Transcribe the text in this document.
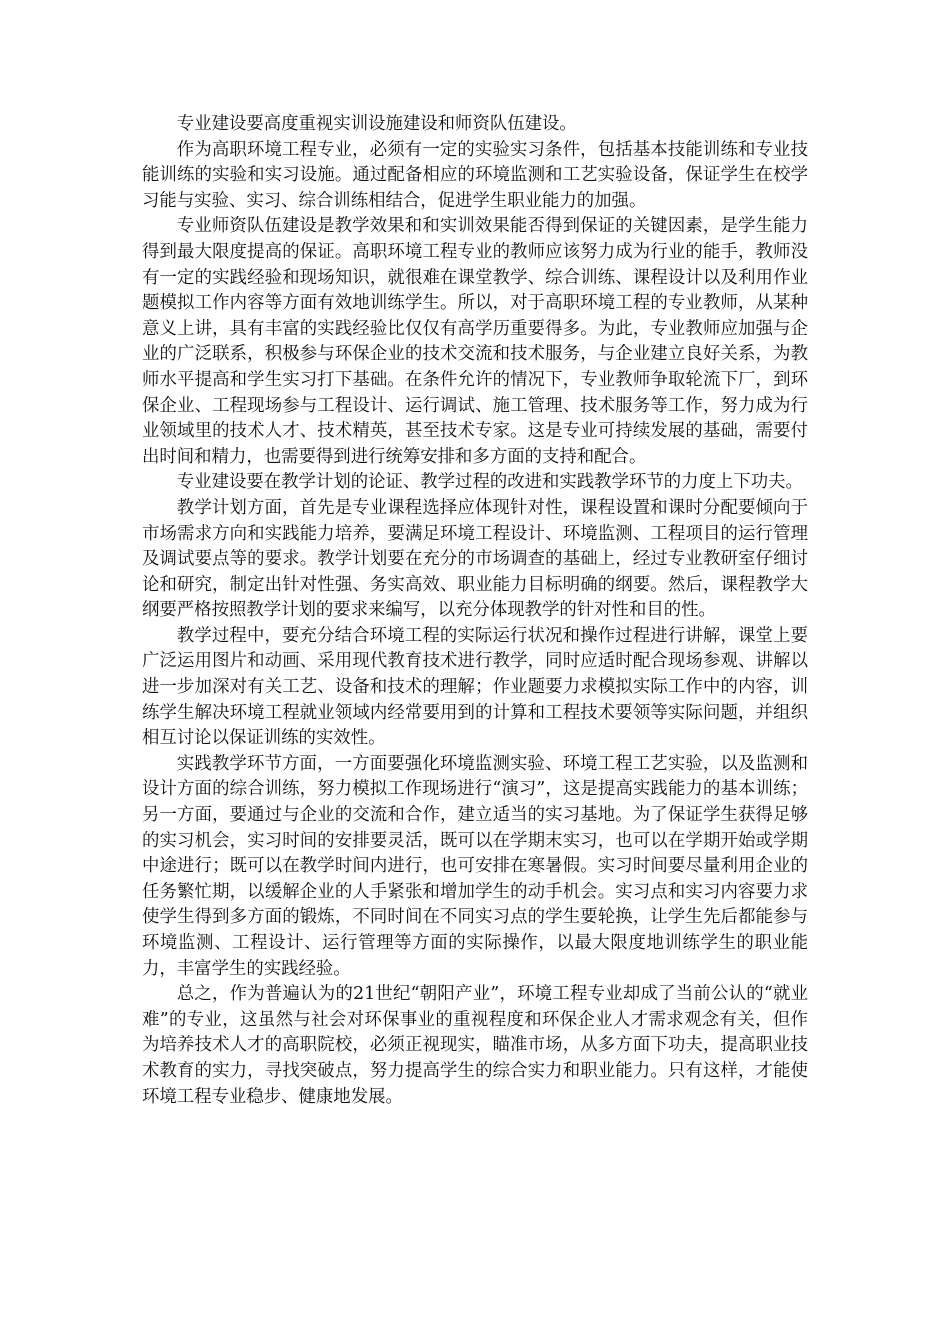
专业建设要高度重视实训设施建设和师资队伍建设。

作为高职环境工程专业，必须有一定的实验实习条件，包括基本技能训练和专业技能训练的实验和实习设施。通过配备相应的环境监测和工艺实验设备，保证学生在校学习能与实验、实习、综合训练相结合，促进学生职业能力的加强。

专业师资队伍建设是教学效果和和实训效果能否得到保证的关键因素，是学生能力得到最大限度提高的保证。高职环境工程专业的教师应该努力成为行业的能手，教师没有一定的实践经验和现场知识，就很难在课堂教学、综合训练、课程设计以及利用作业题模拟工作内容等方面有效地训练学生。所以，对于高职环境工程的专业教师，从某种意义上讲，具有丰富的实践经验比仅仅有高学历重要得多。为此，专业教师应加强与企业的广泛联系，积极参与环保企业的技术交流和技术服务，与企业建立良好关系，为教师水平提高和学生实习打下基础。在条件允许的情况下，专业教师争取轮流下厂，到环保企业、工程现场参与工程设计、运行调试、施工管理、技术服务等工作，努力成为行业领域里的技术人才、技术精英，甚至技术专家。这是专业可持续发展的基础，需要付出时间和精力，也需要得到进行统筹安排和多方面的支持和配合。

专业建设要在教学计划的论证、教学过程的改进和实践教学环节的力度上下功夫。

教学计划方面，首先是专业课程选择应体现针对性，课程设置和课时分配要倾向于市场需求方向和实践能力培养，要满足环境工程设计、环境监测、工程项目的运行管理及调试要点等的要求。教学计划要在充分的市场调查的基础上，经过专业教研室仔细讨论和研究，制定出针对性强、务实高效、职业能力目标明确的纲要。然后，课程教学大纲要严格按照教学计划的要求来编写，以充分体现教学的针对性和目的性。

教学过程中，要充分结合环境工程的实际运行状况和操作过程进行讲解，课堂上要广泛运用图片和动画、采用现代教育技术进行教学，同时应适时配合现场参观、讲解以进一步加深对有关工艺、设备和技术的理解；作业题要力求模拟实际工作中的内容，训练学生解决环境工程就业领域内经常要用到的计算和工程技术要领等实际问题，并组织相互讨论以保证训练的实效性。

实践教学环节方面，一方面要强化环境监测实验、环境工程工艺实验，以及监测和设计方面的综合训练，努力模拟工作现场进行“演习”，这是提高实践能力的基本训练；另一方面，要通过与企业的交流和合作，建立适当的实习基地。为了保证学生获得足够的实习机会，实习时间的安排要灵活，既可以在学期末实习，也可以在学期开始或学期中途进行；既可以在教学时间内进行，也可安排在寒暑假。实习时间要尽量利用企业的任务繁忙期，以缓解企业的人手紧张和增加学生的动手机会。实习点和实习内容要力求使学生得到多方面的锻炼，不同时间在不同实习点的学生要轮换，让学生先后都能参与环境监测、工程设计、运行管理等方面的实际操作，以最大限度地训练学生的职业能力，丰富学生的实践经验。

总之，作为普遍认为的21世纪“朝阳产业”，环境工程专业却成了当前公认的“就业难”的专业，这虽然与社会对环保事业的重视程度和环保企业人才需求观念有关，但作为培养技术人才的高职院校，必须正视现实，瞄准市场，从多方面下功夫，提高职业技术教育的实力，寻找突破点，努力提高学生的综合实力和职业能力。只有这样，才能使环境工程专业稳步、健康地发展。
